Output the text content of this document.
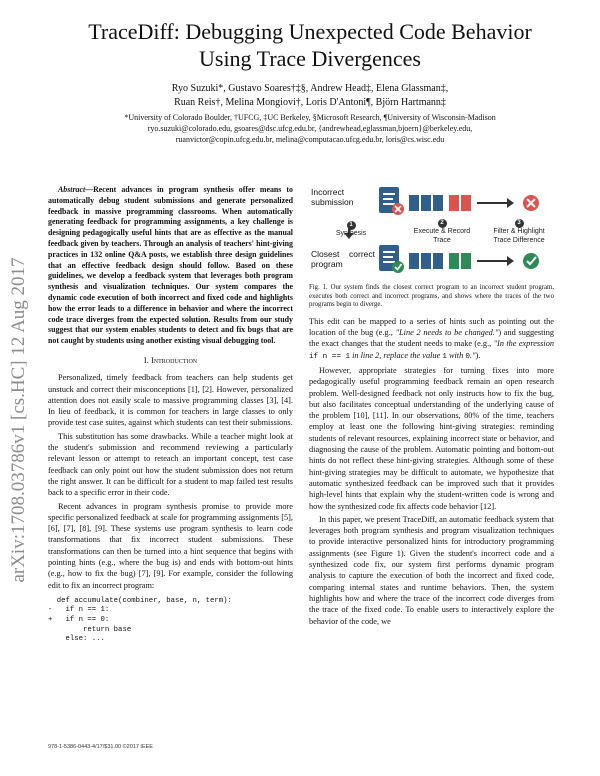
arXiv:1708.03786v1 [cs.HC] 12 Aug 2017
TraceDiff: Debugging Unexpected Code Behavior Using Trace Divergences
Ryo Suzuki*, Gustavo Soares†‡§, Andrew Head‡, Elena Glassman‡,
Ruan Reis†, Melina Mongiovi†, Loris D'Antoni¶, Björn Hartmann‡
*University of Colorado Boulder, †UFCG, ‡UC Berkeley, §Microsoft Research, ¶University of Wisconsin-Madison
ryo.suzuki@colorado.edu, gsoares@dsc.ufcg.edu.br, {andrewhead,eglassman,bjoern}@berkeley.edu,
ruanvictor@copin.ufcg.edu.br, melina@computacao.ufcg.edu.br, loris@cs.wisc.edu

Abstract—Recent advances in program synthesis offer means to automatically debug student submissions and generate personalized feedback in massive programming classrooms. When automatically generating feedback for programming assignments, a key challenge is designing pedagogically useful hints that are as effective as the manual feedback given by teachers. Through an analysis of teachers' hint-giving practices in 132 online Q&A posts, we establish three design guidelines that an effective feedback design should follow. Based on these guidelines, we develop a feedback system that leverages both program synthesis and visualization techniques. Our system compares the dynamic code execution of both incorrect and fixed code and highlights how the error leads to a difference in behavior and where the incorrect code trace diverges from the expected solution. Results from our study suggest that our system enables students to detect and fix bugs that are not caught by students using another existing visual debugging tool.

I. Introduction

Personalized, timely feedback from teachers can help students get unstuck and correct their misconceptions [1], [2]. However, personalized attention does not easily scale to massive programming classes [3], [4]. In lieu of feedback, it is common for teachers in large classes to only provide test case suites, against which students can test their submissions.

This substitution has some drawbacks. While a teacher might look at the student's submission and recommend reviewing a particularly relevant lesson or attempt to reteach an important concept, test case feedback can only point out how the student submission does not return the right answer. It can be difficult for a student to map failed test results back to a specific error in their code.

Recent advances in program synthesis promise to provide more specific personalized feedback at scale for programming assignments [5], [6], [7], [8], [9]. These systems use program synthesis to learn code transformations that fix incorrect student submissions. These transformations can then be turned into a hint sequence that begins with pointing hints (e.g., where the bug is) and ends with bottom-out hints (e.g., how to fix the bug) [7], [9]. For example, consider the following edit to fix an incorrect program:

def accumulate(combiner, base, n, term):
-   if n == 1:
+   if n == 0:
return base
else: ...
Incorrect submission
Closest correct program
1
Synthesis
2
Execute & Record Trace
3
Filter & Highlight Trace Difference
Fig. 1. Our system finds the closest correct program to an incorrect student program, executes both correct and incorrect programs, and shows where the traces of the two programs begin to diverge.

This edit can be mapped to a series of hints such as pointing out the location of the bug (e.g., "Line 2 needs to be changed.") and suggesting the exact changes that the student needs to make (e.g., "In the expression if n == 1 in line 2, replace the value 1 with 0.").

However, appropriate strategies for turning fixes into more pedagogically useful programming feedback remain an open research problem. Well-designed feedback not only instructs how to fix the bug, but also facilitates conceptual understanding of the underlying cause of the problem [10], [11]. In our observations, 80% of the time, teachers employ at least one the following hint-giving strategies: reminding students of relevant resources, explaining incorrect state or behavior, and diagnosing the cause of the problem. Automatic pointing and bottom-out hints do not reflect these hint-giving strategies. Although some of these hint-giving strategies may be difficult to automate, we hypothesize that automatic synthesized feedback can be improved such that it provides high-level hints that explain why the student-written code is wrong and how the synthesized code fix affects code behavior [12].

In this paper, we present TraceDiff, an automatic feedback system that leverages both program synthesis and program visualization techniques to provide interactive personalized hints for introductory programming assignments (see Figure 1). Given the student's incorrect code and a synthesized code fix, our system first performs dynamic program analysis to capture the execution of both the incorrect and fixed code, comparing internal states and runtime behaviors. Then, the system highlights how and where the trace of the incorrect code diverges from the trace of the fixed code. To enable users to interactively explore the behavior of the code, we

978-1-5386-0443-4/17/$31.00 ©2017 IEEE
